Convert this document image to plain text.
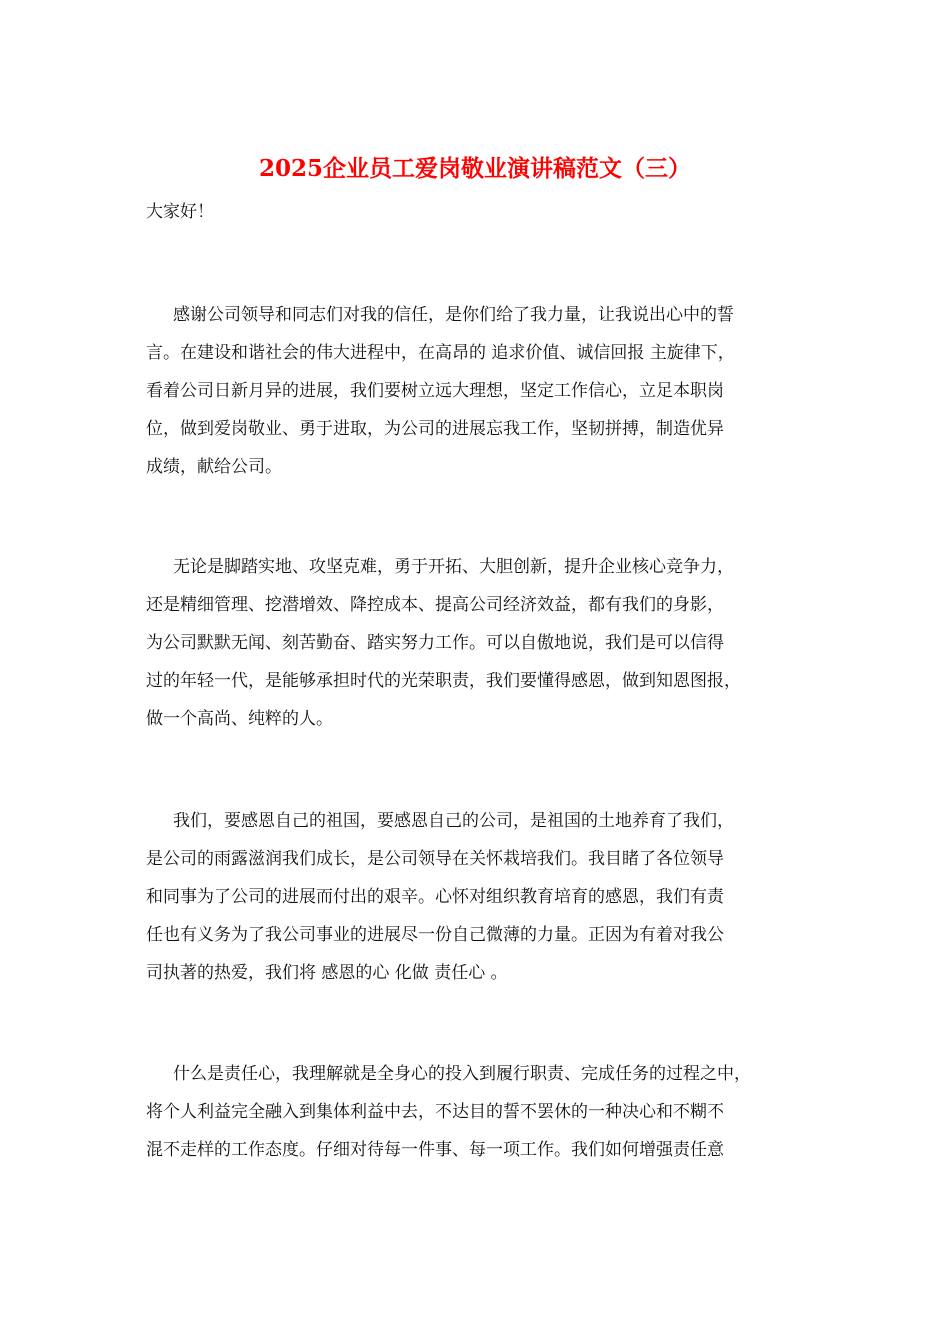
2025企业员工爱岗敬业演讲稿范文（三）
大家好！
感谢公司领导和同志们对我的信任，是你们给了我力量，让我说出心中的誓
言。在建设和谐社会的伟大进程中，在高昂的 追求价值、诚信回报 主旋律下，
看着公司日新月异的进展，我们要树立远大理想，坚定工作信心，立足本职岗
位，做到爱岗敬业、勇于进取，为公司的进展忘我工作，坚韧拼搏，制造优异
成绩，献给公司。
无论是脚踏实地、攻坚克难，勇于开拓、大胆创新，提升企业核心竞争力，
还是精细管理、挖潜增效、降控成本、提高公司经济效益，都有我们的身影，
为公司默默无闻、刻苦勤奋、踏实努力工作。可以自傲地说，我们是可以信得
过的年轻一代，是能够承担时代的光荣职责，我们要懂得感恩，做到知恩图报，
做一个高尚、纯粹的人。
我们，要感恩自己的祖国，要感恩自己的公司，是祖国的土地养育了我们，
是公司的雨露滋润我们成长，是公司领导在关怀栽培我们。我目睹了各位领导
和同事为了公司的进展而付出的艰辛。心怀对组织教育培育的感恩，我们有责
任也有义务为了我公司事业的进展尽一份自己微薄的力量。正因为有着对我公
司执著的热爱，我们将 感恩的心 化做 责任心 。
什么是责任心，我理解就是全身心的投入到履行职责、完成任务的过程之中，
将个人利益完全融入到集体利益中去，不达目的誓不罢休的一种决心和不糊不
混不走样的工作态度。仔细对待每一件事、每一项工作。我们如何增强责任意
